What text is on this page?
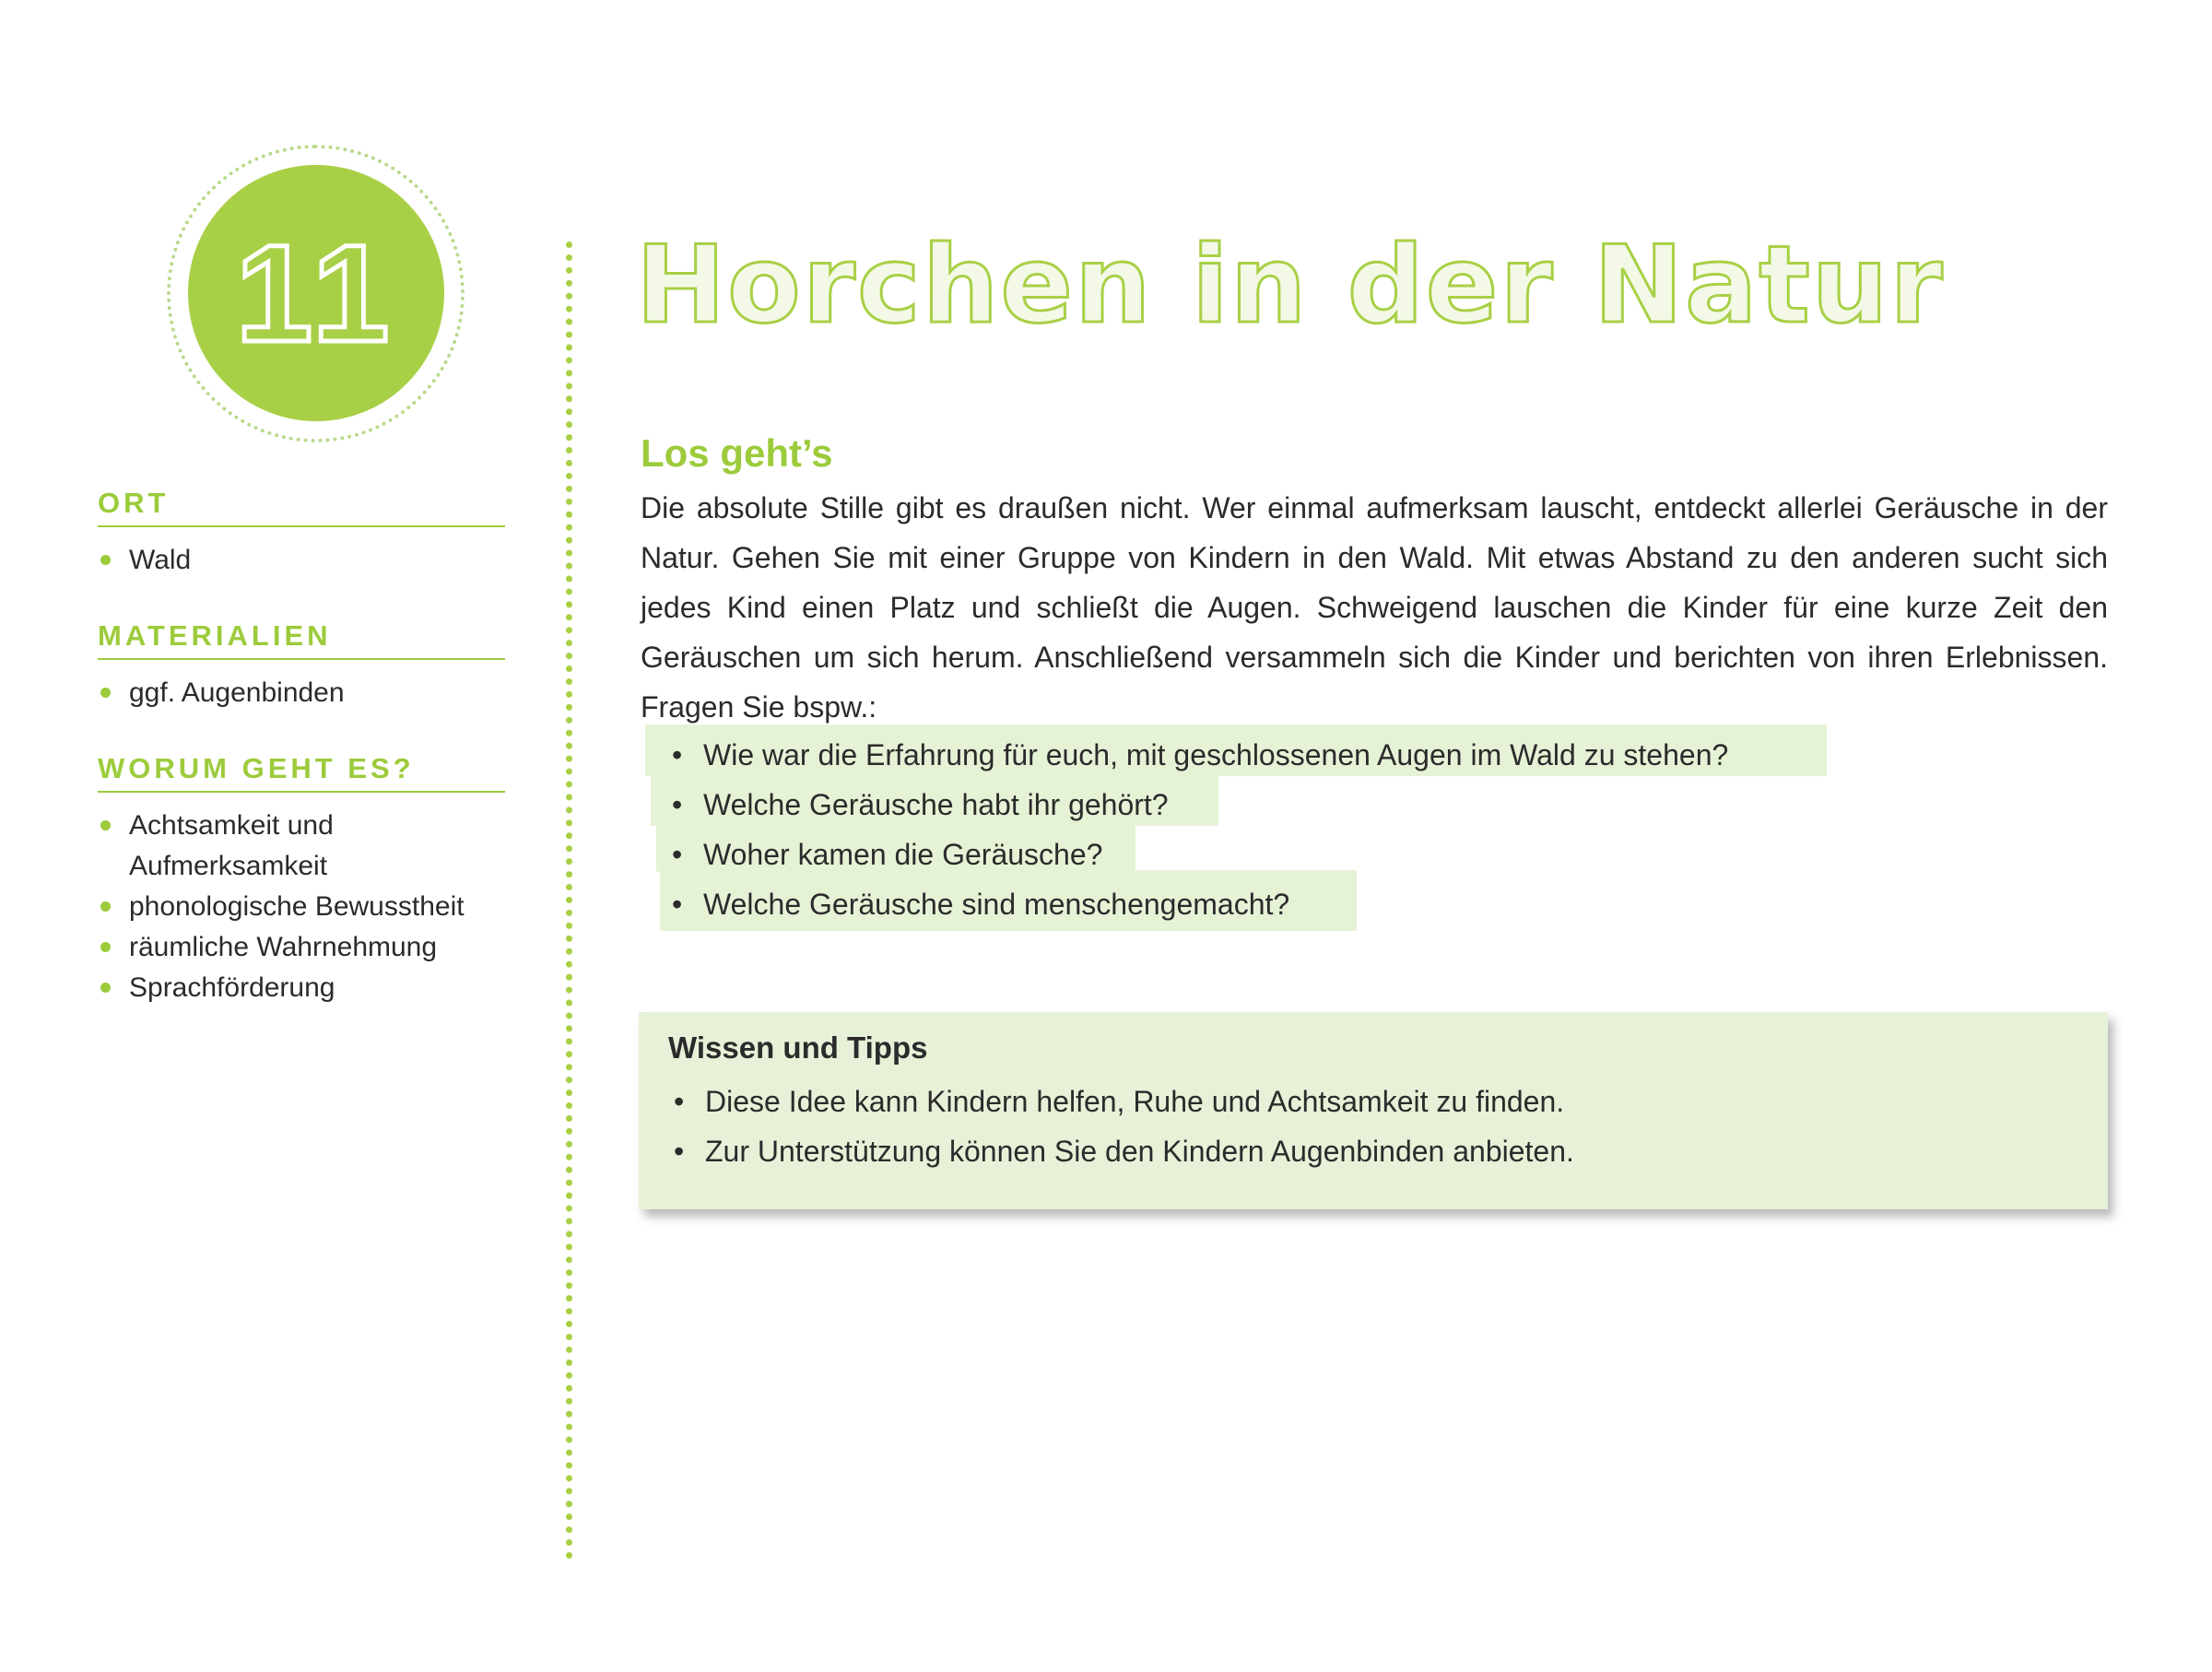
11
ORT
Wald
MATERIALIEN
ggf. Augenbinden
WORUM GEHT ES?
Achtsamkeit und Aufmerksamkeit
phonologische Bewusstheit
räumliche Wahrnehmung
Sprachförderung
Horchen in der Natur
Los geht’s

Die absolute Stille gibt es draußen nicht. Wer einmal aufmerksam lauscht, entdeckt allerlei Geräusche in der Natur. Gehen Sie mit einer Gruppe von Kindern in den Wald. Mit etwas Abstand zu den anderen sucht sich jedes Kind einen Platz und schließt die Augen. Schweigend lauschen die Kinder für eine kurze Zeit den Geräuschen um sich herum. Anschließend versammeln sich die Kinder und berichten von ihren Erlebnissen. Fragen Sie bspw.:

• Wie war die Erfahrung für euch, mit geschlossenen Augen im Wald zu stehen?
• Welche Geräusche habt ihr gehört?
• Woher kamen die Geräusche?
• Welche Geräusche sind menschengemacht?
Wissen und Tipps
• Diese Idee kann Kindern helfen, Ruhe und Achtsamkeit zu finden.
• Zur Unterstützung können Sie den Kindern Augenbinden anbieten.
